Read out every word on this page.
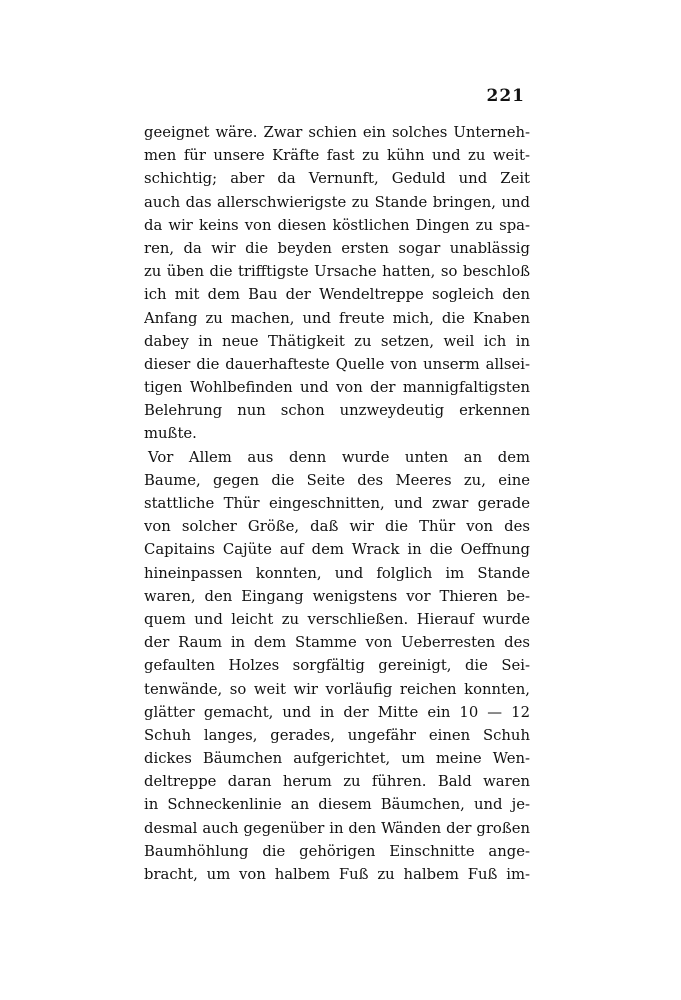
221
geeignet wäre. Zwar schien ein solches Unterneh-
men für unsere Kräfte fast zu kühn und zu weit-
schichtig; aber da Vernunft, Geduld und Zeit
auch das allerschwierigste zu Stande bringen, und
da wir keins von diesen köstlichen Dingen zu spa-
ren, da wir die beyden ersten sogar unablässig
zu üben die trifftigste Ursache hatten, so beschloß
ich mit dem Bau der Wendeltreppe sogleich den
Anfang zu machen, und freute mich, die Knaben
dabey in neue Thätigkeit zu setzen, weil ich in
dieser die dauerhafteste Quelle von unserm allsei-
tigen Wohlbefinden und von der mannigfaltigsten
Belehrung nun schon unzweydeutig erkennen
mußte.
Vor Allem aus denn wurde unten an dem
Baume, gegen die Seite des Meeres zu, eine
stattliche Thür eingeschnitten, und zwar gerade
von solcher Größe, daß wir die Thür von des
Capitains Cajüte auf dem Wrack in die Oeffnung
hineinpassen konnten, und folglich im Stande
waren, den Eingang wenigstens vor Thieren be-
quem und leicht zu verschließen. Hierauf wurde
der Raum in dem Stamme von Ueberresten des
gefaulten Holzes sorgfältig gereinigt, die Sei-
tenwände, so weit wir vorläufig reichen konnten,
glätter gemacht, und in der Mitte ein 10 — 12
Schuh langes, gerades, ungefähr einen Schuh
dickes Bäumchen aufgerichtet, um meine Wen-
deltreppe daran herum zu führen. Bald waren
in Schneckenlinie an diesem Bäumchen, und je-
desmal auch gegenüber in den Wänden der großen
Baumhöhlung die gehörigen Einschnitte ange-
bracht, um von halbem Fuß zu halbem Fuß im-
